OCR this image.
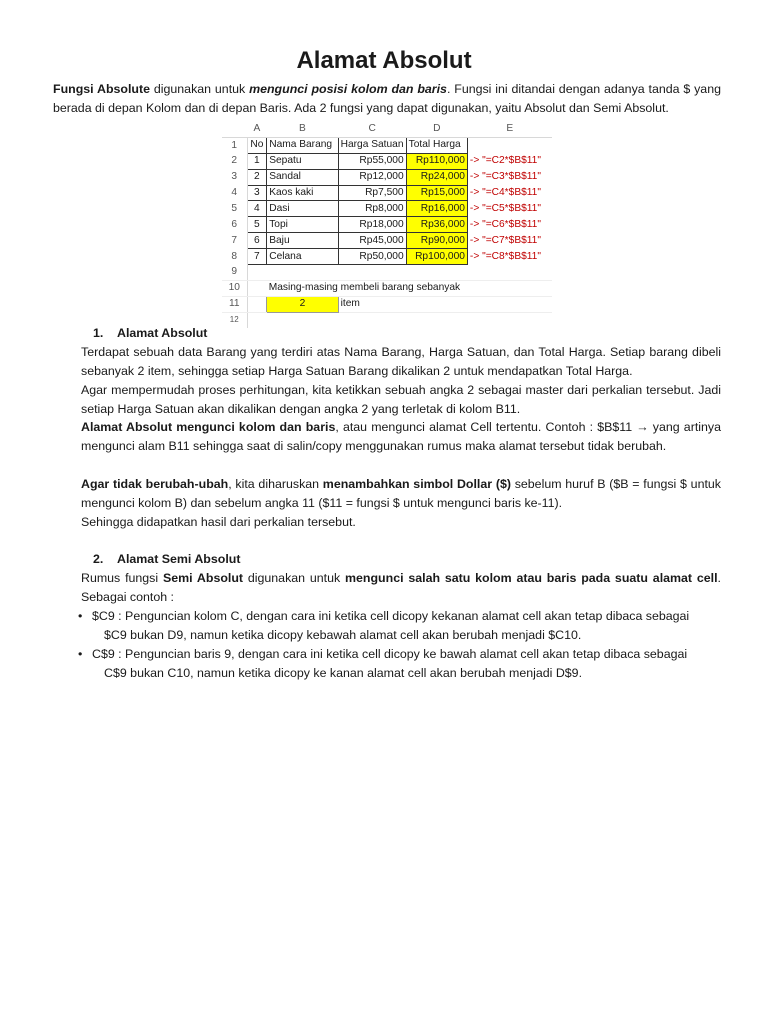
Alamat Absolut

Fungsi Absolute digunakan untuk mengunci posisi kolom dan baris. Fungsi ini ditandai dengan adanya tanda $ yang berada di depan Kolom dan di depan Baris. Ada 2 fungsi yang dapat digunakan, yaitu Absolut dan Semi Absolut.

	A	B	C	D	E
1	No	Nama Barang	Harga Satuan	Total Harga	
2	1	Sepatu	Rp55,000	Rp110,000	-> "=C2*$B$11"
3	2	Sandal	Rp12,000	Rp24,000	-> "=C3*$B$11"
4	3	Kaos kaki	Rp7,500	Rp15,000	-> "=C4*$B$11"
5	4	Dasi	Rp8,000	Rp16,000	-> "=C5*$B$11"
6	5	Topi	Rp18,000	Rp36,000	-> "=C6*$B$11"
7	6	Baju	Rp45,000	Rp90,000	-> "=C7*$B$11"
8	7	Celana	Rp50,000	Rp100,000	-> "=C8*$B$11"
9					
10		Masing-masing membeli barang sebanyak			
11		2	item		
12					
1. Alamat Absolut

Terdapat sebuah data Barang yang terdiri atas Nama Barang, Harga Satuan, dan Total Harga. Setiap barang dibeli sebanyak 2 item, sehingga setiap Harga Satuan Barang dikalikan 2 untuk mendapatkan Total Harga.

Agar mempermudah proses perhitungan, kita ketikkan sebuah angka 2 sebagai master dari perkalian tersebut. Jadi setiap Harga Satuan akan dikalikan dengan angka 2 yang terletak di kolom B11.

Alamat Absolut mengunci kolom dan baris, atau mengunci alamat Cell tertentu. Contoh : $B$11 → yang artinya mengunci alam B11 sehingga saat di salin/copy menggunakan rumus maka alamat tersebut tidak berubah.

Agar tidak berubah-ubah, kita diharuskan menambahkan simbol Dollar ($) sebelum huruf B ($B = fungsi $ untuk mengunci kolom B) dan sebelum angka 11 ($11 = fungsi $ untuk mengunci baris ke-11).

Sehingga didapatkan hasil dari perkalian tersebut.

2. Alamat Semi Absolut

Rumus fungsi Semi Absolut digunakan untuk mengunci salah satu kolom atau baris pada suatu alamat cell. Sebagai contoh :

• $C9 : Penguncian kolom C, dengan cara ini ketika cell dicopy kekanan alamat cell akan tetap dibaca sebagai
$C9 bukan D9, namun ketika dicopy kebawah alamat cell akan berubah menjadi $C10.
• C$9 : Penguncian baris 9, dengan cara ini ketika cell dicopy ke bawah alamat cell akan tetap dibaca sebagai
C$9 bukan C10, namun ketika dicopy ke kanan alamat cell akan berubah menjadi D$9.
